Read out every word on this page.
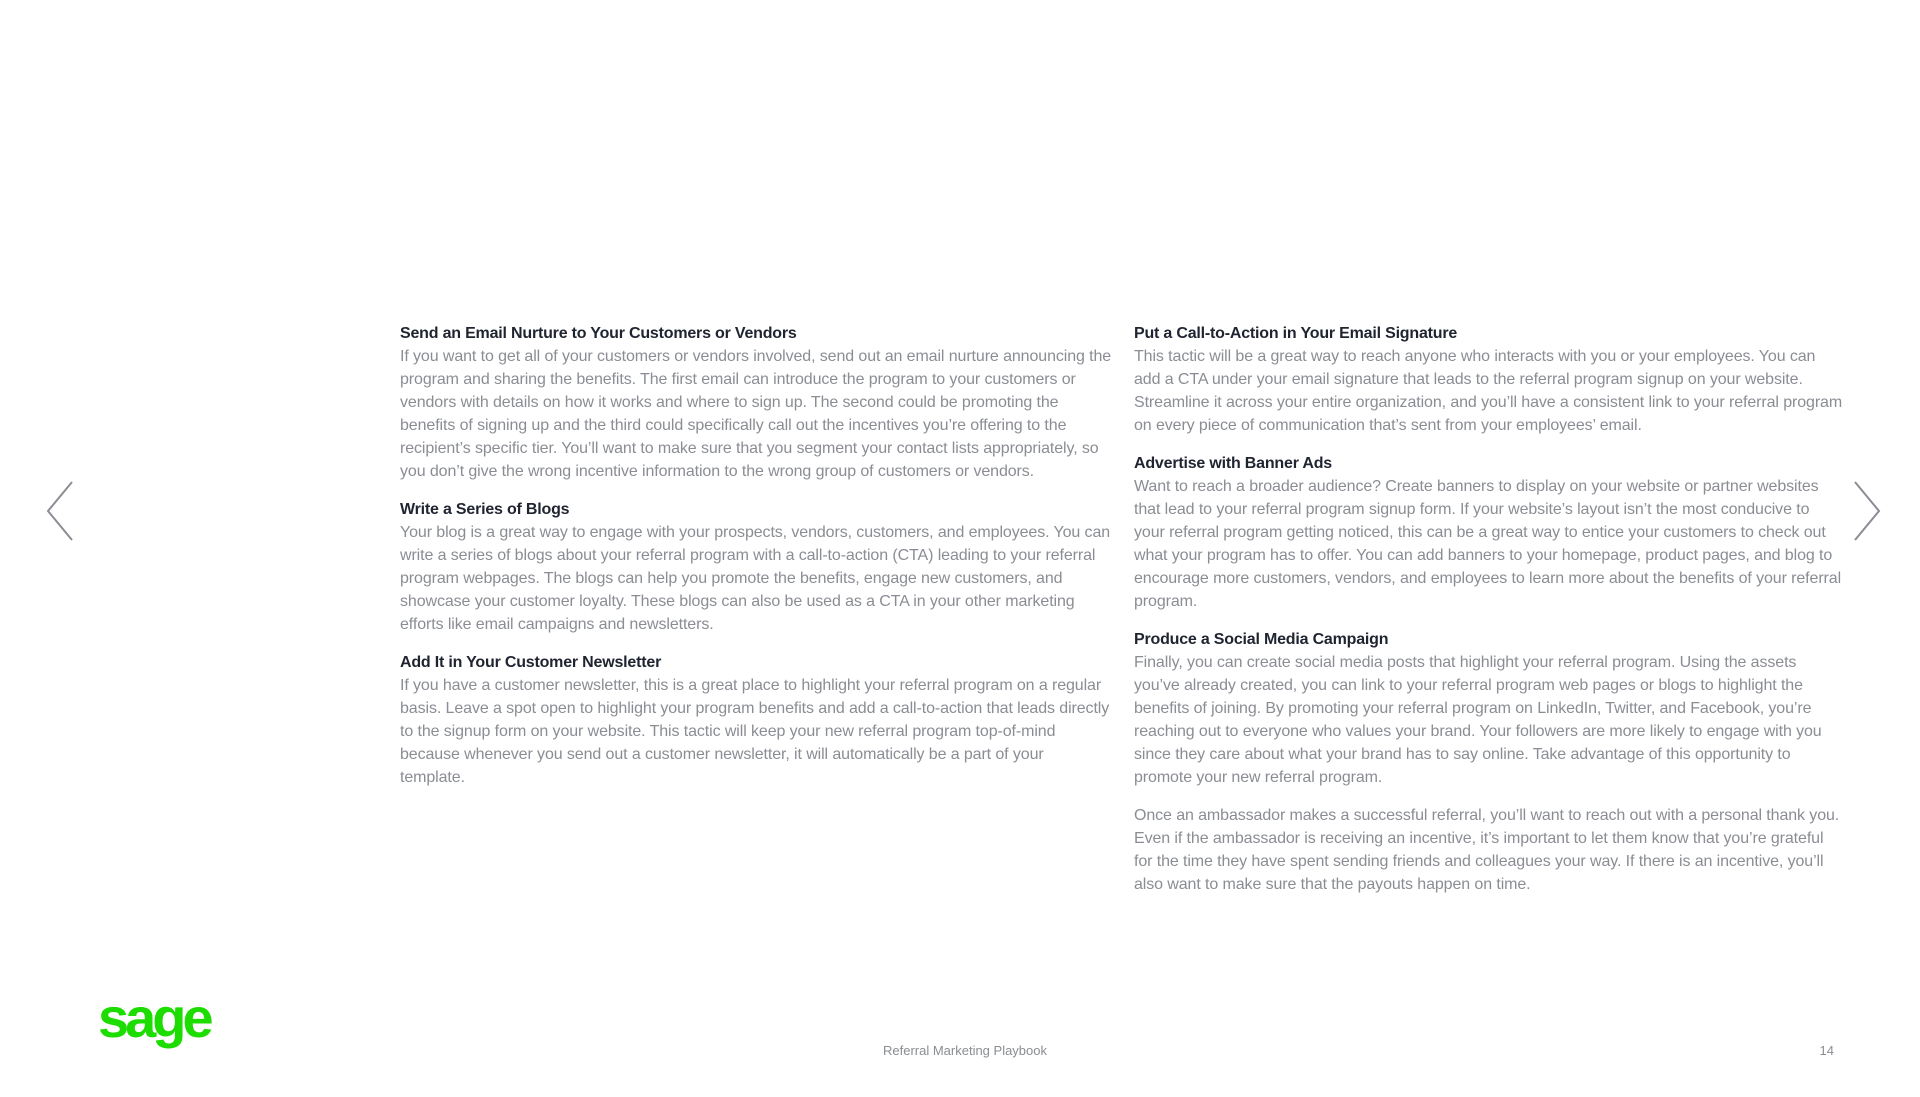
Send an Email Nurture to Your Customers or Vendors

If you want to get all of your customers or vendors involved, send out an email nurture announcing the program and sharing the benefits. The first email can introduce the program to your customers or vendors with details on how it works and where to sign up. The second could be promoting the benefits of signing up and the third could specifically call out the incentives you’re offering to the recipient’s specific tier. You’ll want to make sure that you segment your contact lists appropriately, so you don’t give the wrong incentive information to the wrong group of customers or vendors.

Write a Series of Blogs

Your blog is a great way to engage with your prospects, vendors, customers, and employees. You can write a series of blogs about your referral program with a call-to-action (CTA) leading to your referral program webpages. The blogs can help you promote the benefits, engage new customers, and showcase your customer loyalty. These blogs can also be used as a CTA in your other marketing efforts like email campaigns and newsletters.

Add It in Your Customer Newsletter

If you have a customer newsletter, this is a great place to highlight your referral program on a regular basis. Leave a spot open to highlight your program benefits and add a call-to-action that leads directly to the signup form on your website. This tactic will keep your new referral program top-of-mind because whenever you send out a customer newsletter, it will automatically be a part of your template.

Put a Call-to-Action in Your Email Signature

This tactic will be a great way to reach anyone who interacts with you or your employees. You can add a CTA under your email signature that leads to the referral program signup on your website. Streamline it across your entire organization, and you’ll have a consistent link to your referral program on every piece of communication that’s sent from your employees’ email.

Advertise with Banner Ads

Want to reach a broader audience? Create banners to display on your website or partner websites that lead to your referral program signup form. If your website’s layout isn’t the most conducive to your referral program getting noticed, this can be a great way to entice your customers to check out what your program has to offer. You can add banners to your homepage, product pages, and blog to encourage more customers, vendors, and employees to learn more about the benefits of your referral program.

Produce a Social Media Campaign

Finally, you can create social media posts that highlight your referral program. Using the assets you’ve already created, you can link to your referral program web pages or blogs to highlight the benefits of joining. By promoting your referral program on LinkedIn, Twitter, and Facebook, you’re reaching out to everyone who values your brand. Your followers are more likely to engage with you since they care about what your brand has to say online. Take advantage of this opportunity to promote your new referral program.

Once an ambassador makes a successful referral, you’ll want to reach out with a personal thank you. Even if the ambassador is receiving an incentive, it’s important to let them know that you’re grateful for the time they have spent sending friends and colleagues your way. If there is an incentive, you’ll also want to make sure that the payouts happen on time.

sage
Referral Marketing Playbook	14
